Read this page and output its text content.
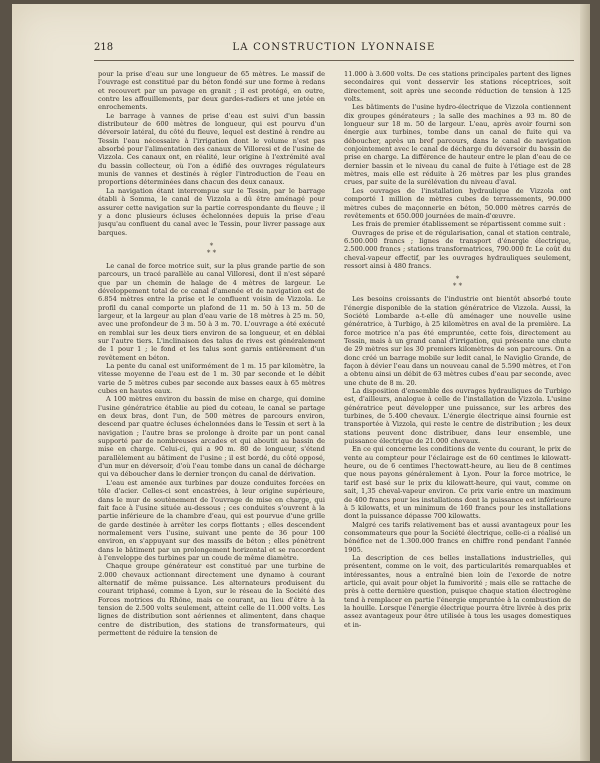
218	LA CONSTRUCTION LYONNAISE

pour la prise d'eau sur une longueur de 65 mètres. Le massif de l'ouvrage est constitué par du béton fondé sur une forme à redans et recouvert par un pavage en granit ; il est protégé, en outre, contre les affouillements, par deux gardes-radiers et une jetée en enrochements.

Le barrage à vannes de prise d'eau est suivi d'un bassin distributeur de 600 mètres de longueur, qui est pourvu d'un déversoir latéral, du côté du fleuve, lequel est destiné à rendre au Tessin l'eau nécessaire à l'irrigation dont le volume n'est pas absorbé pour l'alimentation des canaux de Villoresi et de l'usine de Vizzola. Ces canaux ont, en réalité, leur origine à l'extrémité aval du bassin collecteur, où l'on a édifié des ouvrages régulateurs munis de vannes et destinés à régler l'introduction de l'eau en proportions déterminées dans chacun des deux canaux.

La navigation étant interrompue sur le Tessin, par le barrage établi à Somma, le canal de Vizzola a dû être aménagé pour assurer cette navigation sur la partie correspondante du fleuve ; il y a donc plusieurs écluses échelonnées depuis la prise d'eau jusqu'au confluent du canal avec le Tessin, pour livrer passage aux barques.

*
* *

Le canal de force motrice suit, sur la plus grande partie de son parcours, un tracé parallèle au canal Villoresi, dont il n'est séparé que par un chemin de halage de 4 mètres de largeur. Le développement total de ce canal d'amenée et de navigation est de 6.854 mètres entre la prise et le confluent voisin de Vizzola. Le profil du canal comporte un plafond de 11 m. 50 à 13 m. 50 de largeur, et la largeur au plan d'eau varie de 18 mètres à 25 m. 50, avec une profondeur de 3 m. 50 à 3 m. 70. L'ouvrage a été exécuté en remblai sur les deux tiers environ de sa longueur, et en déblai sur l'autre tiers. L'inclinaison des talus de rives est généralement de 1 pour 1 ; le fond et les talus sont garnis entièrement d'un revêtement en béton.

La pente du canal est uniformément de 1 m. 15 par kilomètre, la vitesse moyenne de l'eau est de 1 m. 30 par seconde et le débit varie de 5 mètres cubes par seconde aux basses eaux à 65 mètres cubes en hautes eaux.

A 100 mètres environ du bassin de mise en charge, qui domine l'usine génératrice établie au pied du coteau, le canal se partage en deux bras, dont l'un, de 500 mètres de parcours environ, descend par quatre écluses échelonnées dans le Tessin et sert à la navigation ; l'autre bras se prolonge à droite par un pont canal supporté par de nombreuses arcades et qui aboutit au bassin de mise en charge. Celui-ci, qui a 90 m. 80 de longueur, s'étend parallèlement au bâtiment de l'usine ; il est bordé, du côté opposé, d'un mur en déversoir, d'où l'eau tombe dans un canal de décharge qui va déboucher dans le dernier tronçon du canal de dérivation.

L'eau est amenée aux turbines par douze conduites forcées en tôle d'acier. Celles-ci sont encastrées, à leur origine supérieure, dans le mur de soutènement de l'ouvrage de mise en charge, qui fait face à l'usine située au-dessous ; ces conduites s'ouvrent à la partie inférieure de la chambre d'eau, qui est pourvue d'une grille de garde destinée à arrêter les corps flottants ; elles descendent normalement vers l'usine, suivant une pente de 36 pour 100 environ, en s'appuyant sur des massifs de béton ; elles pénètrent dans le bâtiment par un prolongement horizontal et se raccordent à l'enveloppe des turbines par un coude de même diamètre.

Chaque groupe générateur est constitué par une turbine de 2.000 chevaux actionnant directement une dynamo à courant alternatif de même puissance. Les alternateurs produisent du courant triphasé, comme à Lyon, sur le réseau de la Société des Forces motrices du Rhône, mais ce courant, au lieu d'être à la tension de 2.500 volts seulement, atteint celle de 11.000 volts. Les lignes de distribution sont aériennes et alimentent, dans chaque centre de distribution, des stations de transformateurs, qui permettent de réduire la tension de

11.000 à 3.600 volts. De ces stations principales partent des lignes secondaires qui vont desservir les stations réceptrices, soit directement, soit après une seconde réduction de tension à 125 volts.

Les bâtiments de l'usine hydro-électrique de Vizzola contiennent dix groupes générateurs ; la salle des machines a 93 m. 80 de longueur sur 18 m. 50 de largeur. L'eau, après avoir fourni son énergie aux turbines, tombe dans un canal de fuite qui va déboucher, après un bref parcours, dans le canal de navigation conjointement avec le canal de décharge du déversoir du bassin de prise en charge. La différence de hauteur entre le plan d'eau de ce dernier bassin et le niveau du canal de fuite à l'étiage est de 28 mètres, mais elle est réduite à 26 mètres par les plus grandes crues, par suite de la surélévation du niveau d'aval.

Les ouvrages de l'installation hydraulique de Vizzola ont comporté 1 million de mètres cubes de terrassements, 90.000 mètres cubes de maçonnerie en béton, 50.000 mètres carrés de revêtements et 650.000 journées de main-d'œuvre.

Les frais de premier établissement se répartissent comme suit :

Ouvrages de prise et de régularisation, canal et station centrale, 6.500.000 francs ; lignes de transport d'énergie électrique, 2.500.000 francs ; stations transformatrices, 790.000 fr. Le coût du cheval-vapeur effectif, par les ouvrages hydrauliques seulement, ressort ainsi à 480 francs.

*
* *

Les besoins croissants de l'industrie ont bientôt absorbé toute l'énergie disponible de la station génératrice de Vizzola. Aussi, la Société Lombarde a-t-elle dû aménager une nouvelle usine génératrice, à Turbigo, à 25 kilomètres en aval de la première. La force motrice n'a pas été empruntée, cette fois, directement au Tessin, mais à un grand canal d'irrigation, qui présente une chute de 29 mètres sur les 30 premiers kilomètres de son parcours. On a donc créé un barrage mobile sur ledit canal, le Naviglio Grande, de façon à dévier l'eau dans un nouveau canal de 5.590 mètres, et l'on a obtenu ainsi un débit de 63 mètres cubes d'eau par seconde, avec une chute de 8 m. 20.

La disposition d'ensemble des ouvrages hydrauliques de Turbigo est, d'ailleurs, analogue à celle de l'installation de Vizzola. L'usine génératrice peut développer une puissance, sur les arbres des turbines, de 5.400 chevaux. L'énergie électrique ainsi fournie est transportée à Vizzola, qui reste le centre de distribution ; les deux stations peuvent donc distribuer, dans leur ensemble, une puissance électrique de 21.000 chevaux.

En ce qui concerne les conditions de vente du courant, le prix de vente au compteur pour l'éclairage est de 60 centimes le kilowatt-heure, ou de 6 centimes l'hectowatt-heure, au lieu de 8 centimes que nous payons généralement à Lyon. Pour la force motrice, le tarif est basé sur le prix du kilowatt-heure, qui vaut, comme on sait, 1,35 cheval-vapeur environ. Ce prix varie entre un maximum de 400 francs pour les installations dont la puissance est inférieure à 5 kilowatts, et un minimum de 160 francs pour les installations dont la puissance dépasse 700 kilowatts.

Malgré ces tarifs relativement bas et aussi avantageux pour les consommateurs que pour la Société électrique, celle-ci a réalisé un bénéfice net de 1.300.000 francs en chiffre rond pendant l'année 1905.

La description de ces belles installations industrielles, qui présentent, comme on le voit, des particularités remarquables et intéressantes, nous a entraîné bien loin de l'exorde de notre article, qui avait pour objet la fumivorité ; mais elle se rattache de près à cette dernière question, puisque chaque station électrogène tend à remplacer en partie l'énergie empruntée à la combustion de la houille. Lorsque l'énergie électrique pourra être livrée à des prix assez avantageux pour être utilisée à tous les usages domestiques et in-
